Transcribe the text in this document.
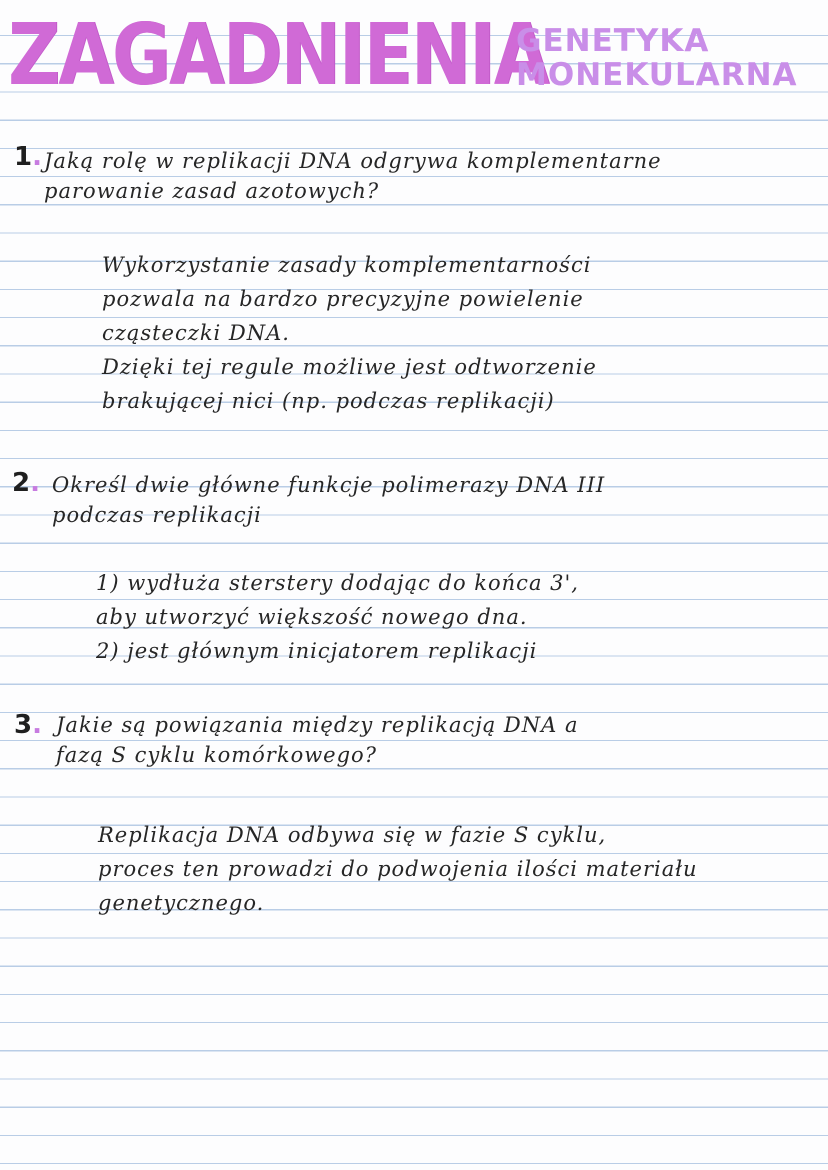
ZAGADNIENIA
GENETYKA
MONEKULARNA
1. Jaką rolę w replikacji DNA odgrywa komplementarne
parowanie zasad azotowych?
Wykorzystanie zasady komplementarności
pozwala na bardzo precyzyjne powielenie
cząsteczki DNA.
Dzięki tej regule możliwe jest odtworzenie
brakującej nici (np. podczas replikacji)
2. Określ dwie główne funkcje polimerazy DNA III
podczas replikacji
1) wydłuża sterstery dodając do końca 3',
aby utworzyć większość nowego dna.
2) jest głównym inicjatorem replikacji
3. Jakie są powiązania między replikacją DNA a
fazą S cyklu komórkowego?
Replikacja DNA odbywa się w fazie S cyklu,
proces ten prowadzi do podwojenia ilości materiału
genetycznego.
